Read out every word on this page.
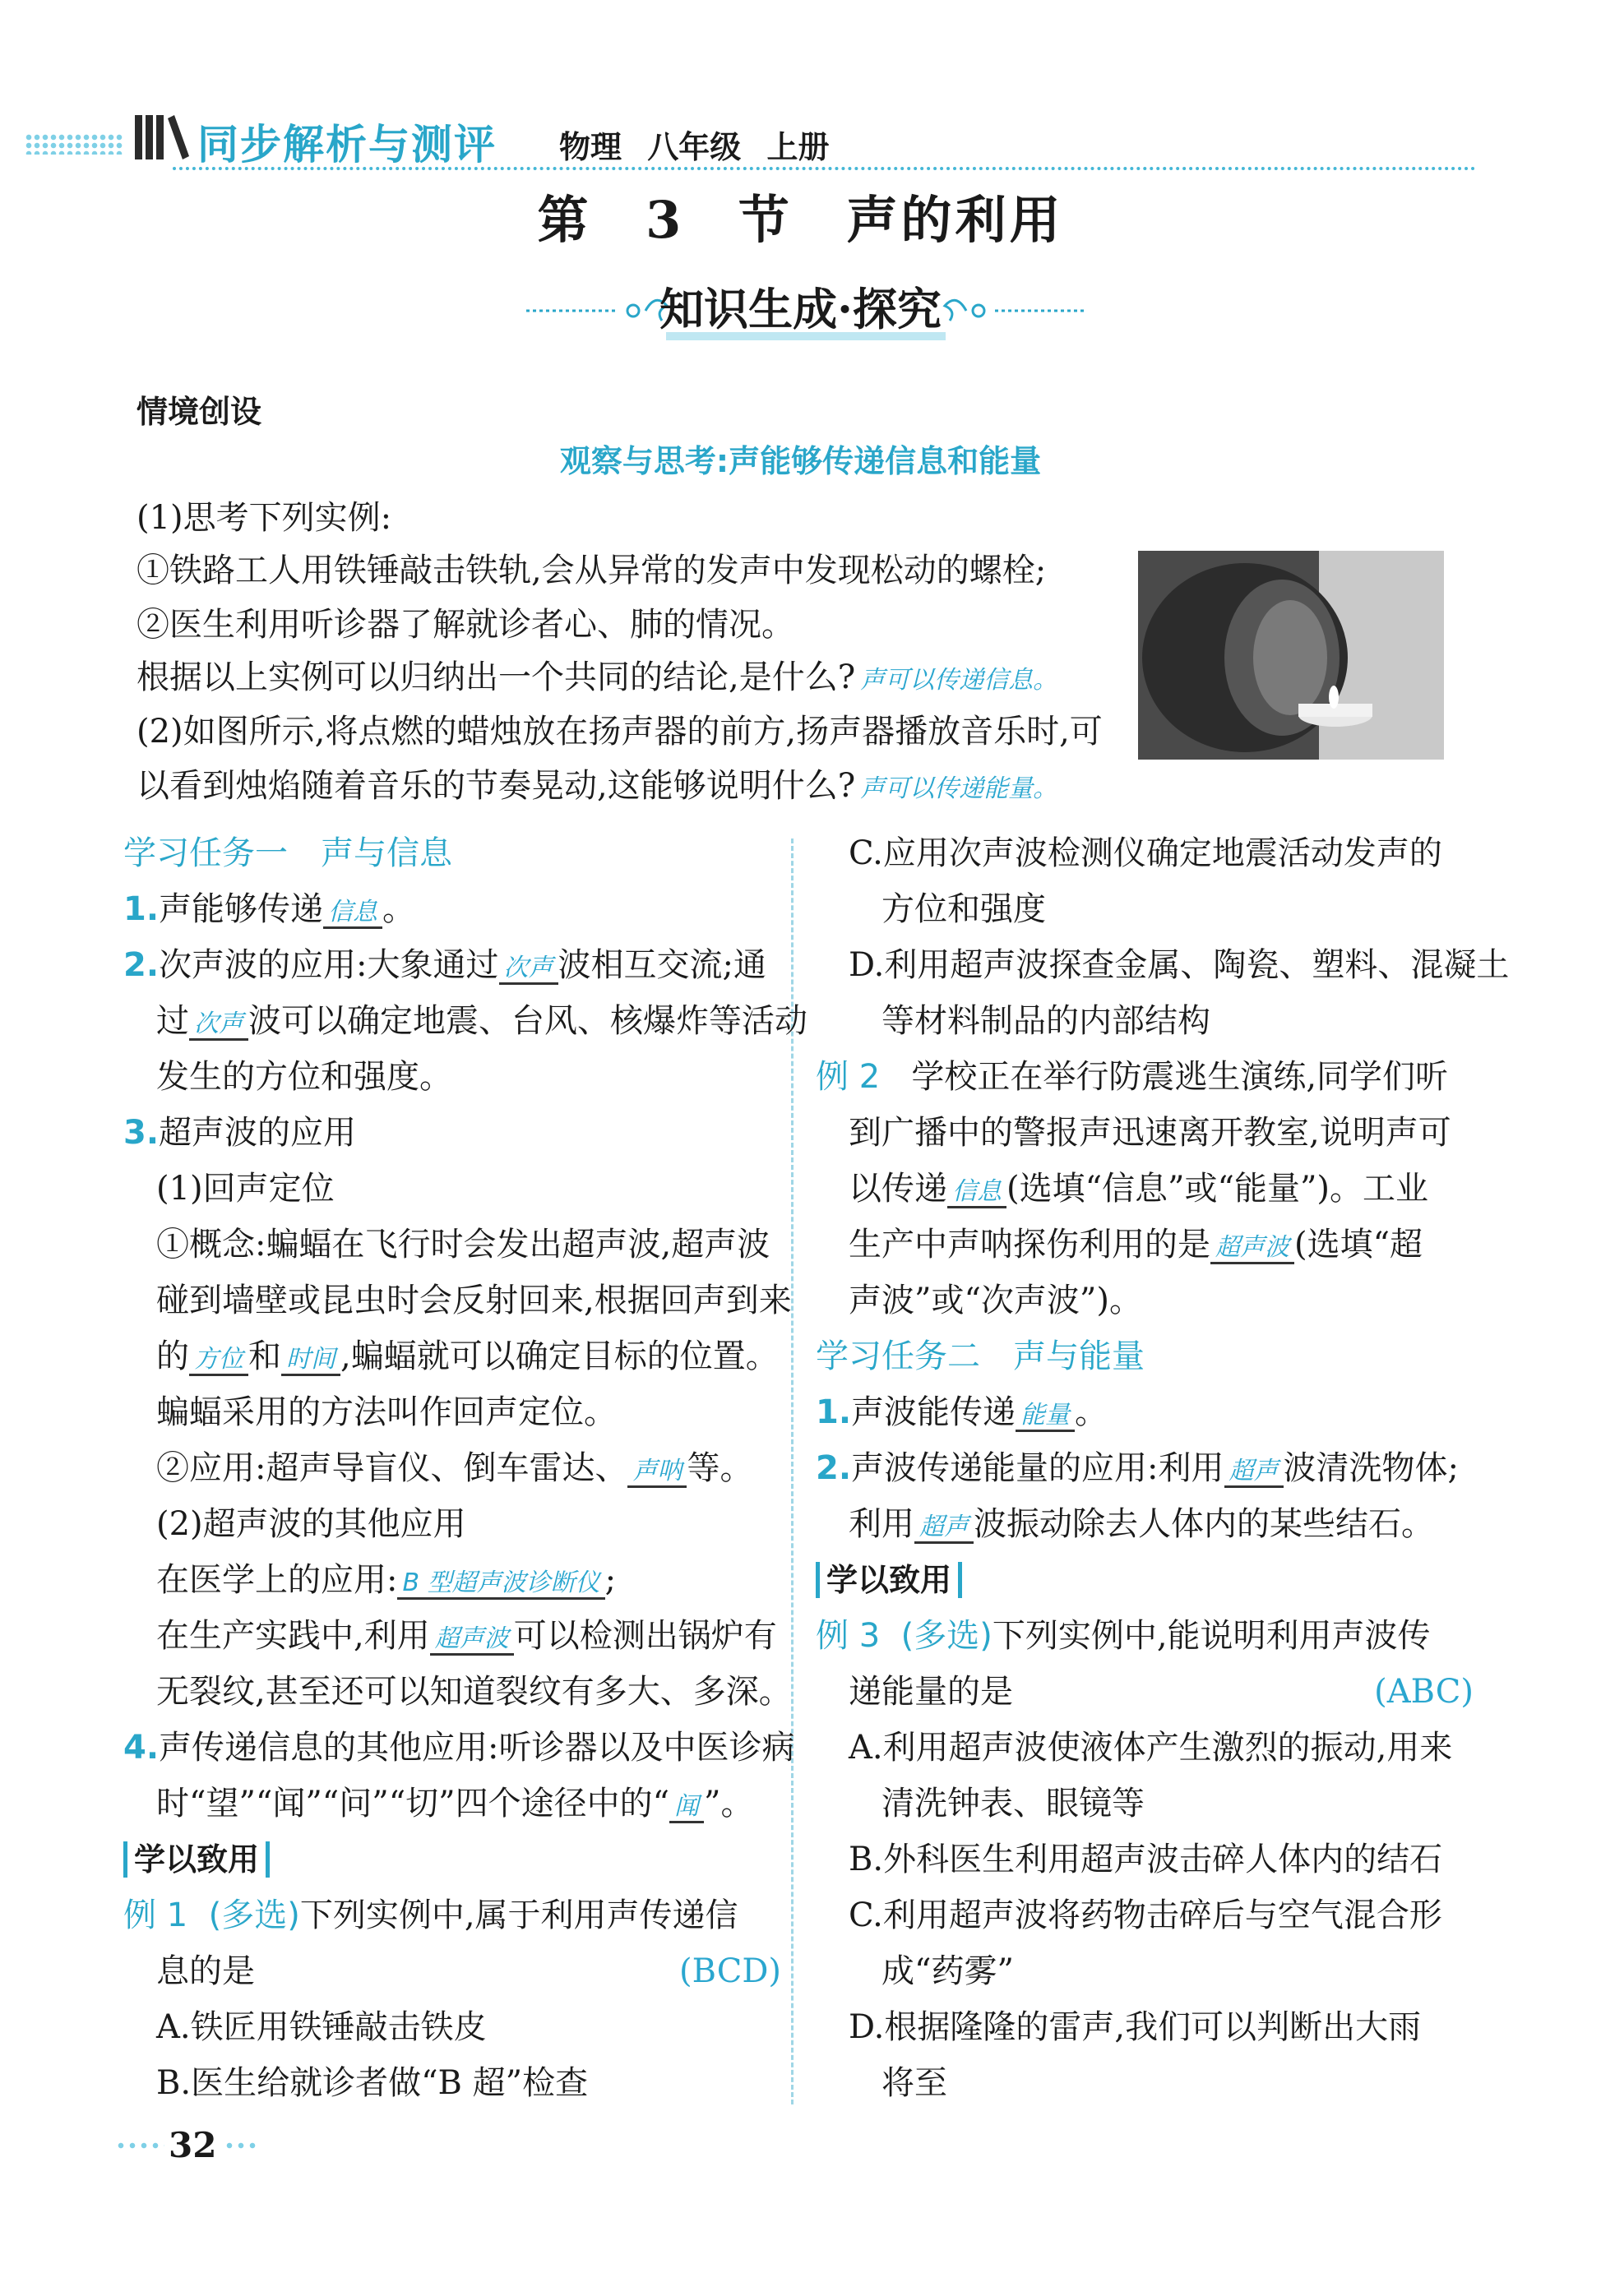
同步解析与测评 物理 八年级 上册
第 3 节 声的利用
知识生成·探究
情境创设
观察与思考:声能够传递信息和能量
(1)思考下列实例:
①铁路工人用铁锤敲击铁轨,会从异常的发声中发现松动的螺栓;
②医生利用听诊器了解就诊者心、肺的情况。
根据以上实例可以归纳出一个共同的结论,是什么? 声可以传递信息。
(2)如图所示,将点燃的蜡烛放在扬声器的前方,扬声器播放音乐时,可
以看到烛焰随着音乐的节奏晃动,这能够说明什么? 声可以传递能量。
学习任务一　声与信息
1.声能够传递 信息 。
2.次声波的应用:大象通过 次声 波相互交流;通
过 次声 波可以确定地震、台风、核爆炸等活动
发生的方位和强度。
3.超声波的应用
(1)回声定位
①概念:蝙蝠在飞行时会发出超声波,超声波
碰到墙壁或昆虫时会反射回来,根据回声到来
的 方位 和 时间 ,蝙蝠就可以确定目标的位置。
蝙蝠采用的方法叫作回声定位。
②应用:超声导盲仪、倒车雷达、 声呐 等。
(2)超声波的其他应用
在医学上的应用: B 型超声波诊断仪 ;
在生产实践中,利用 超声波 可以检测出锅炉有
无裂纹,甚至还可以知道裂纹有多大、多深。
4.声传递信息的其他应用:听诊器以及中医诊病
时“望”“闻”“问”“切”四个途径中的“ 闻 ”。
学以致用
例 1 (多选)下列实例中,属于利用声传递信
息的是	(BCD)
A.铁匠用铁锤敲击铁皮
B.医生给就诊者做“B 超”检查
C.应用次声波检测仪确定地震活动发声的
方位和强度
D.利用超声波探查金属、陶瓷、塑料、混凝土
等材料制品的内部结构
例 2 学校正在举行防震逃生演练,同学们听
到广播中的警报声迅速离开教室,说明声可
以传递 信息 (选填“信息”或“能量”)。工业
生产中声呐探伤利用的是 超声波 (选填“超
声波”或“次声波”)。
学习任务二　声与能量
1.声波能传递 能量 。
2.声波传递能量的应用:利用 超声 波清洗物体;
利用 超声 波振动除去人体内的某些结石。
学以致用
例 3 (多选)下列实例中,能说明利用声波传
递能量的是	(ABC)
A.利用超声波使液体产生激烈的振动,用来
清洗钟表、眼镜等
B.外科医生利用超声波击碎人体内的结石
C.利用超声波将药物击碎后与空气混合形
成“药雾”
D.根据隆隆的雷声,我们可以判断出大雨
将至
32
